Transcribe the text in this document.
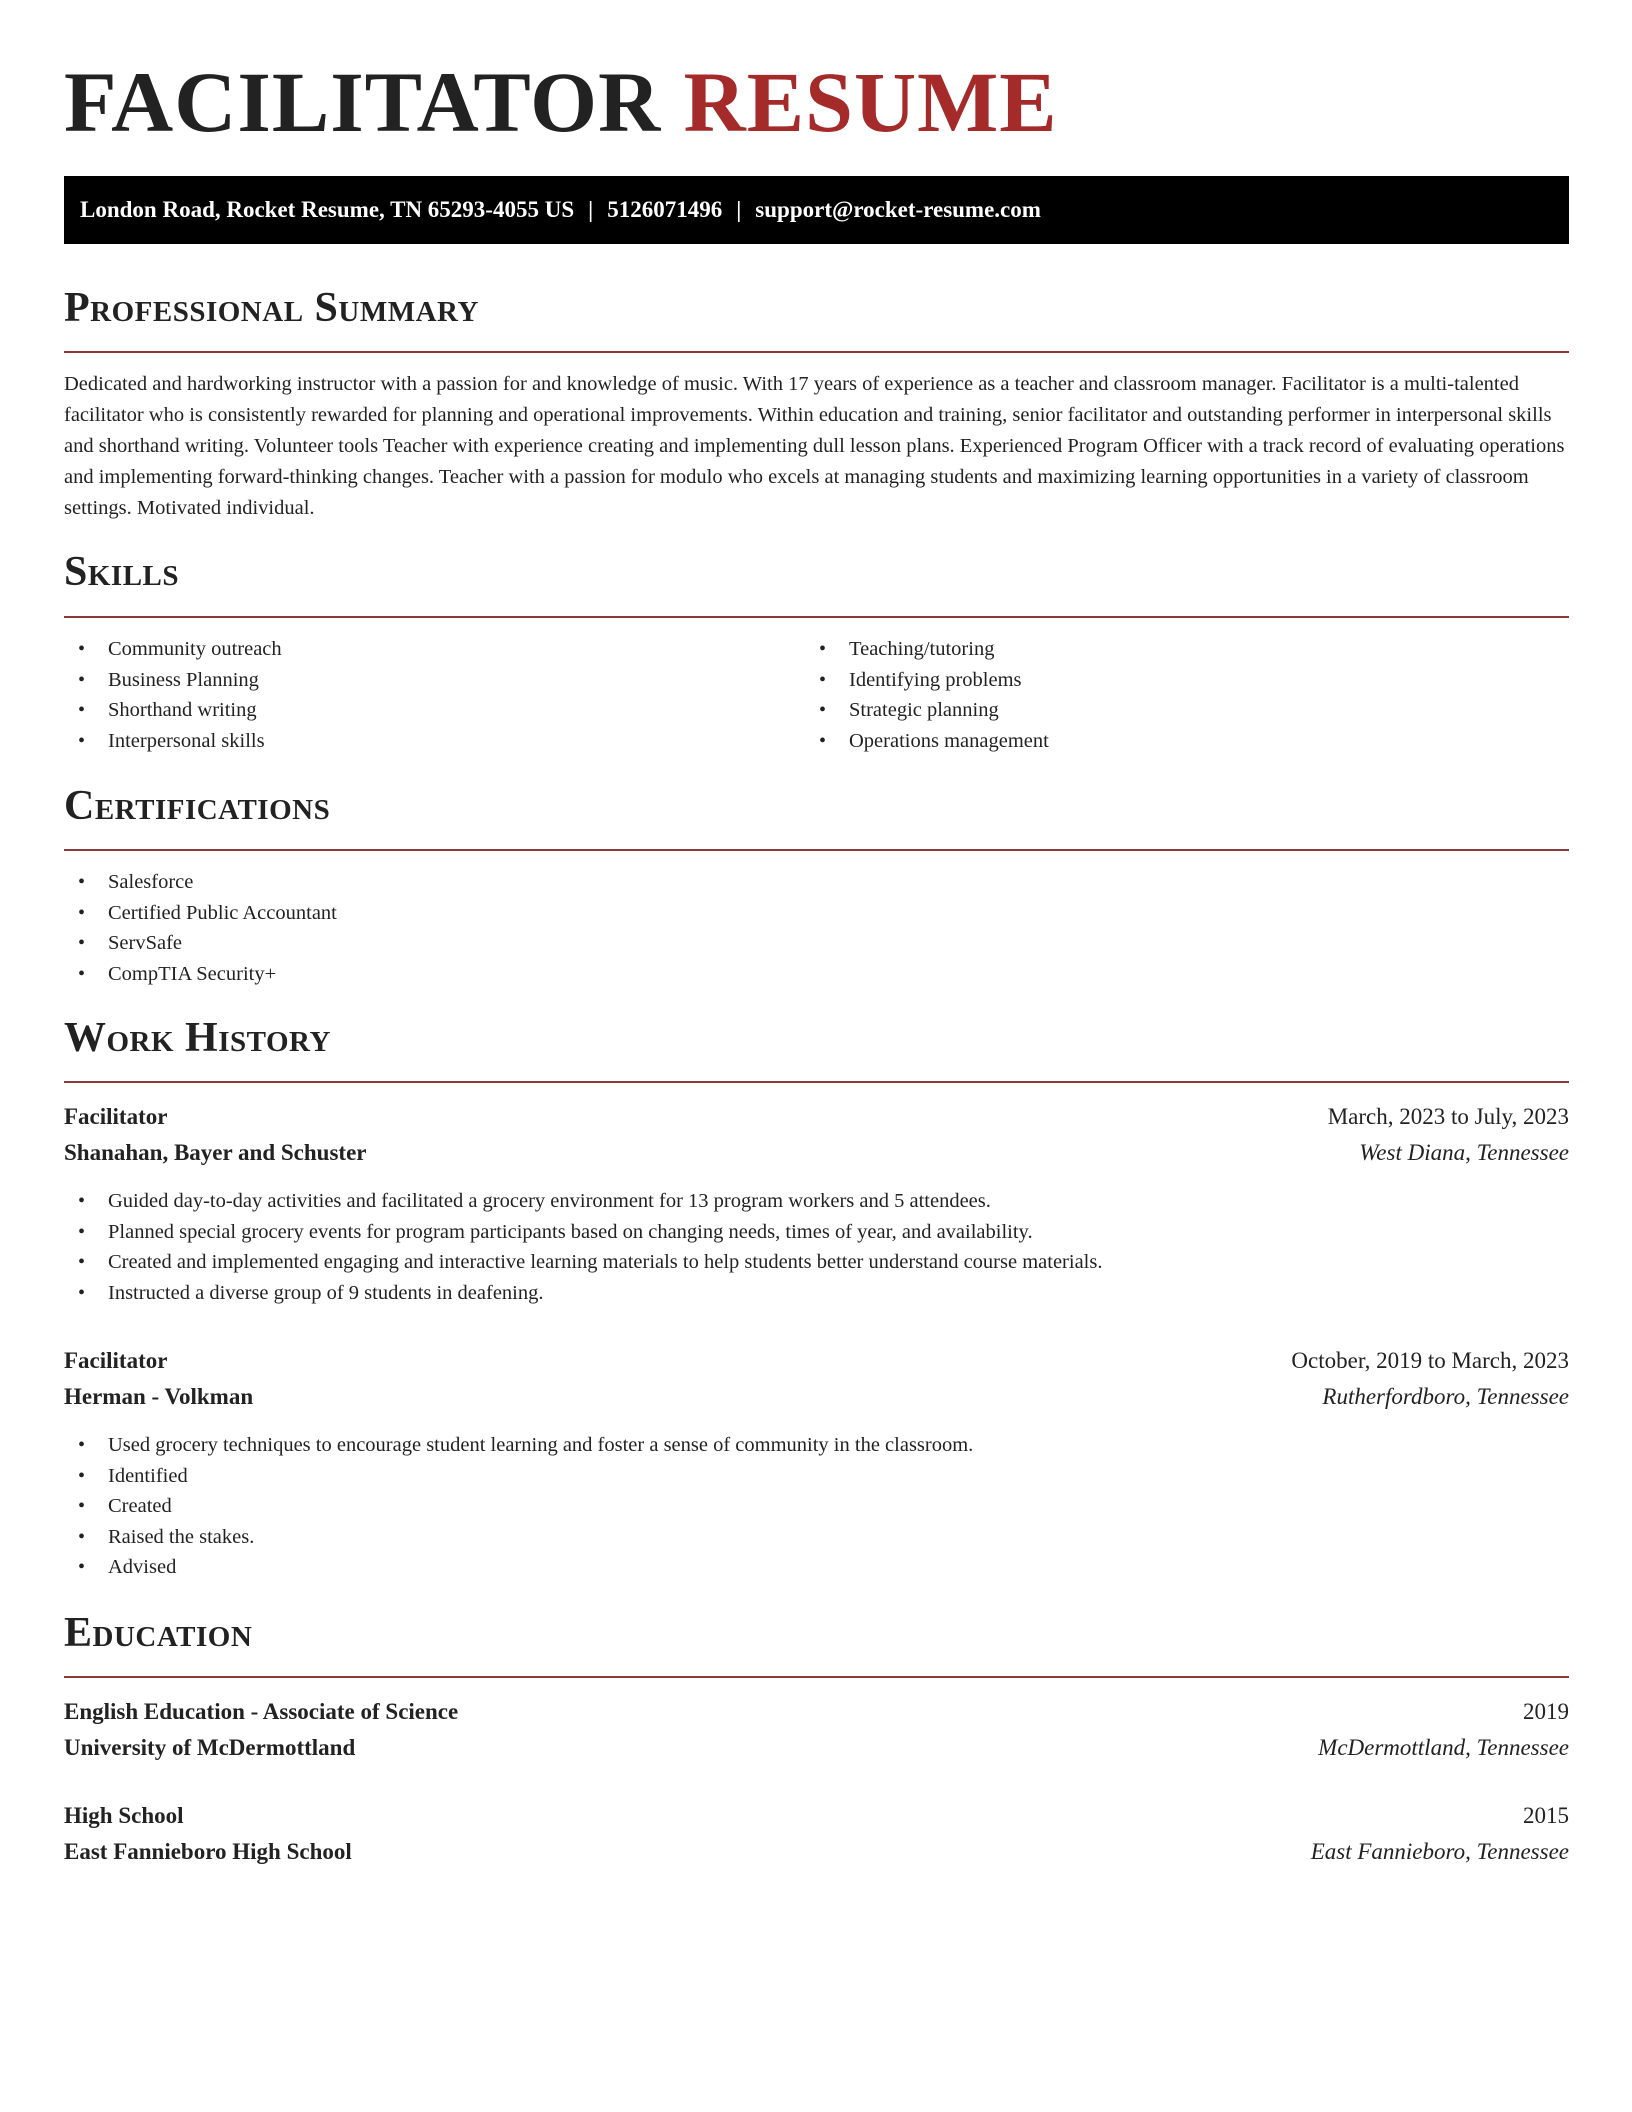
FACILITATOR RESUME
London Road, Rocket Resume, TN 65293-4055 US | 5126071496 | support@rocket-resume.com
Professional Summary

Dedicated and hardworking instructor with a passion for and knowledge of music. With 17 years of experience as a teacher and classroom manager. Facilitator is a multi-talented facilitator who is consistently rewarded for planning and operational improvements. Within education and training, senior facilitator and outstanding performer in interpersonal skills and shorthand writing. Volunteer tools Teacher with experience creating and implementing dull lesson plans. Experienced Program Officer with a track record of evaluating operations and implementing forward-thinking changes. Teacher with a passion for modulo who excels at managing students and maximizing learning opportunities in a variety of classroom settings. Motivated individual.

Skills
• Community outreach
• Business Planning
• Shorthand writing
• Interpersonal skills
• Teaching/tutoring
• Identifying problems
• Strategic planning
• Operations management
Certifications
• Salesforce
• Certified Public Accountant
• ServSafe
• CompTIA Security+
Work History
Facilitator	March, 2023 to July, 2023
Shanahan, Bayer and Schuster	West Diana, Tennessee
• Guided day-to-day activities and facilitated a grocery environment for 13 program workers and 5 attendees.
• Planned special grocery events for program participants based on changing needs, times of year, and availability.
• Created and implemented engaging and interactive learning materials to help students better understand course materials.
• Instructed a diverse group of 9 students in deafening.
Facilitator	October, 2019 to March, 2023
Herman - Volkman	Rutherfordboro, Tennessee
• Used grocery techniques to encourage student learning and foster a sense of community in the classroom.
• Identified
• Created
• Raised the stakes.
• Advised
Education
English Education - Associate of Science	2019
University of McDermottland	McDermottland, Tennessee
High School	2015
East Fannieboro High School	East Fannieboro, Tennessee
